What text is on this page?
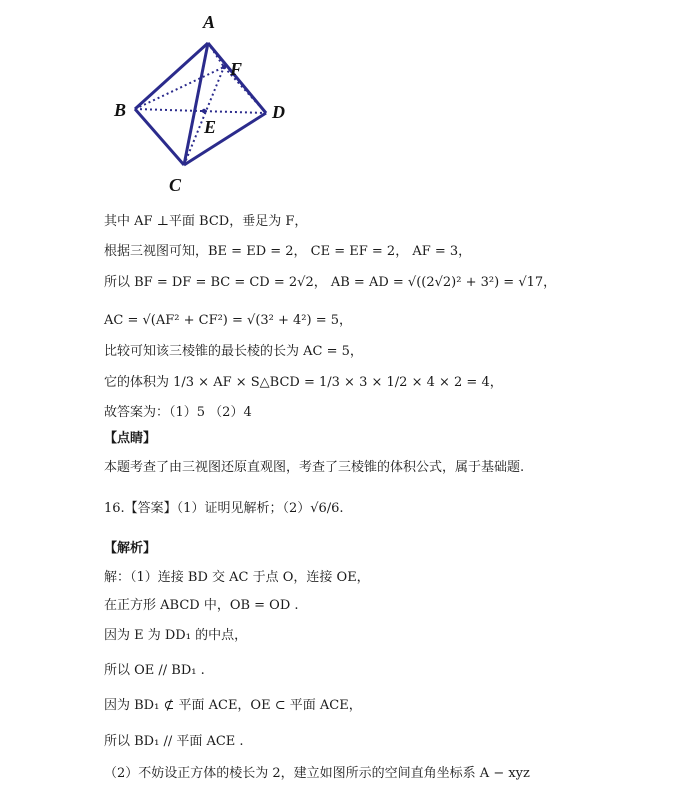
A
B
C
D
E
F
其中 AF ⊥平面 BCD，垂足为 F，
根据三视图可知，BE = ED = 2， CE = EF = 2， AF = 3，
所以 BF = DF = BC = CD = 2√2， AB = AD = √((2√2)² + 3²) = √17，
AC = √(AF² + CF²) = √(3² + 4²) = 5，
比较可知该三棱锥的最长棱的长为 AC = 5，
它的体积为 1/3 × AF × S△BCD = 1/3 × 3 × 1/2 × 4 × 2 = 4，
故答案为：（1）5 （2）4
【点睛】
本题考查了由三视图还原直观图，考查了三棱锥的体积公式，属于基础题.
16.【答案】（1）证明见解析；（2）√6/6.
【解析】
解：（1）连接 BD 交 AC 于点 O，连接 OE，
在正方形 ABCD 中，OB = OD .
因为 E 为 DD₁ 的中点，
所以 OE // BD₁ .
因为 BD₁ ⊄ 平面 ACE，OE ⊂ 平面 ACE，
所以 BD₁ // 平面 ACE .
（2）不妨设正方体的棱长为 2，建立如图所示的空间直角坐标系 A − xyz
